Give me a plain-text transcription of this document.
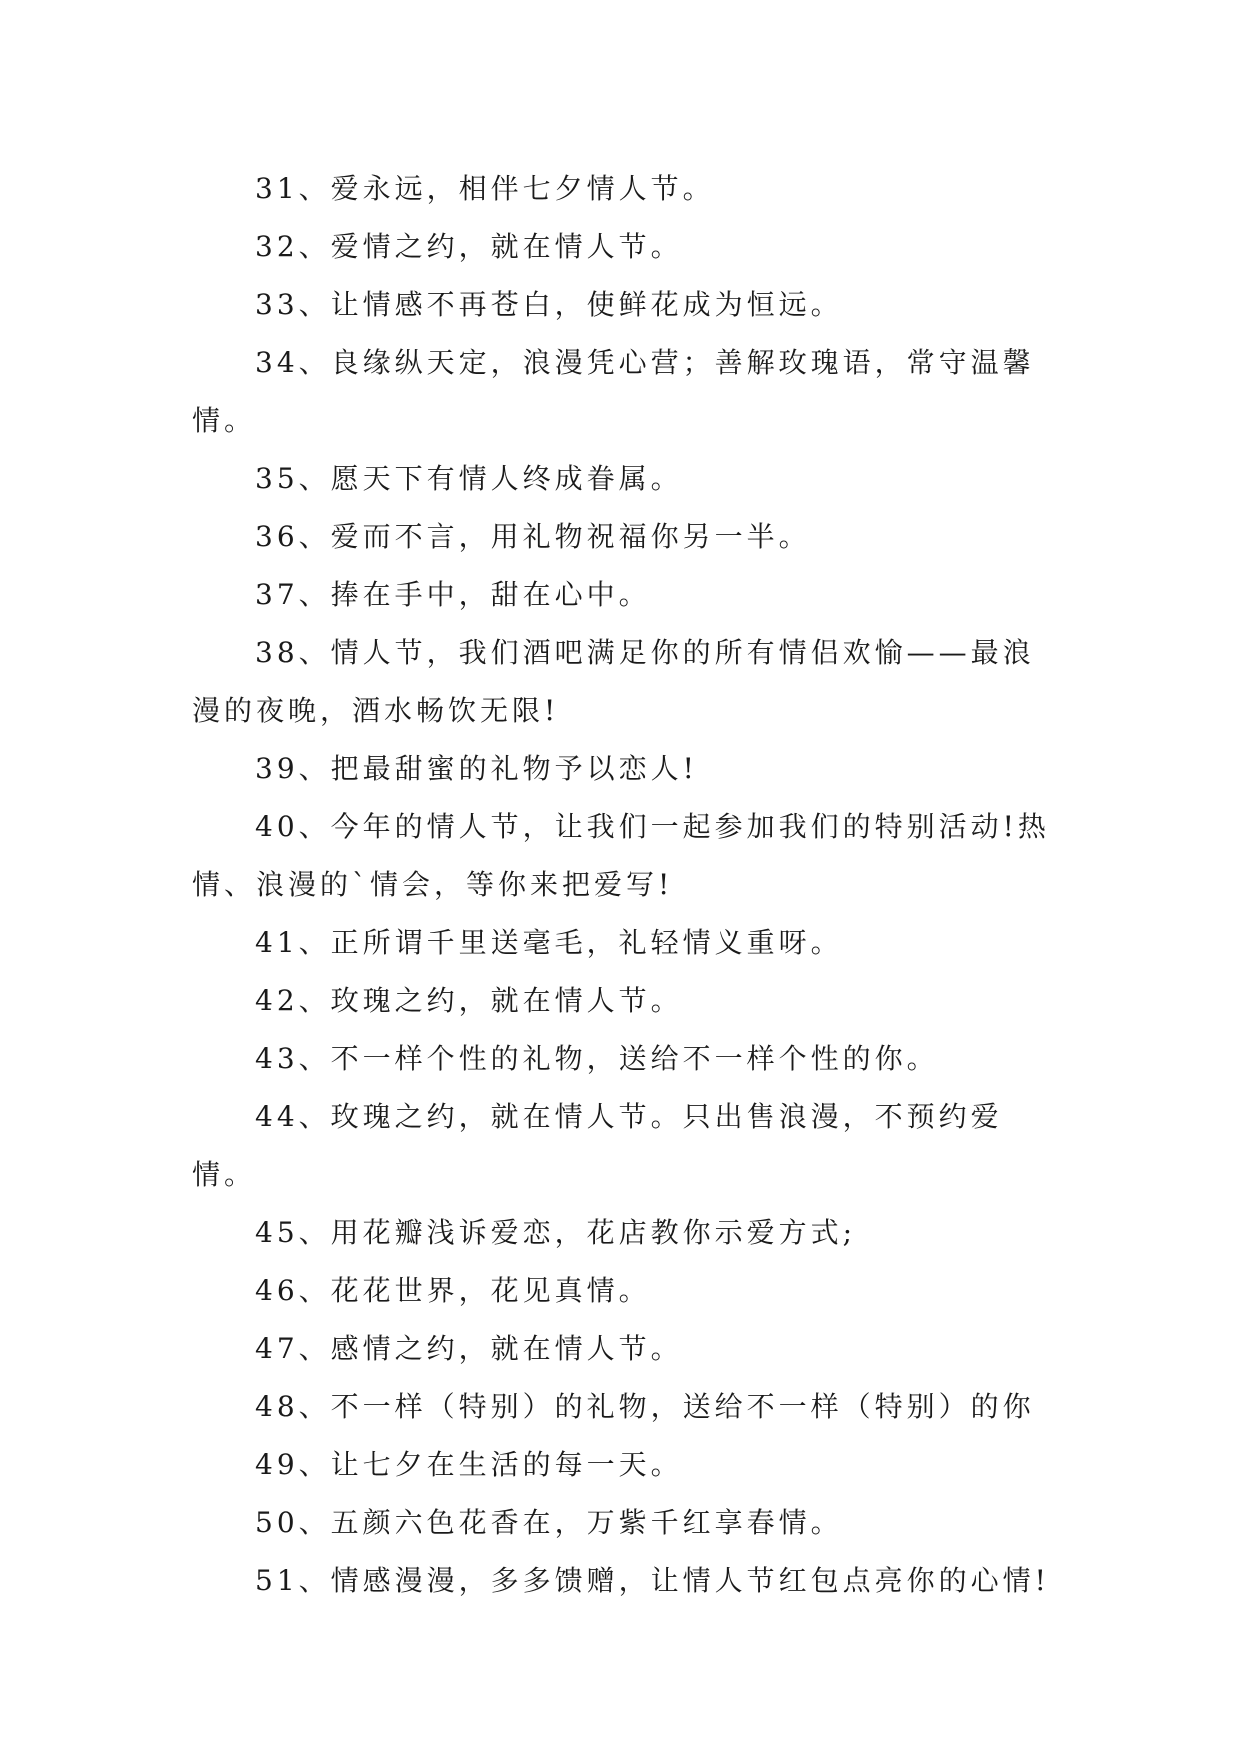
31、爱永远，相伴七夕情人节。

32、爱情之约，就在情人节。

33、让情感不再苍白，使鲜花成为恒远。

34、良缘纵天定，浪漫凭心营；善解玫瑰语，常守温馨情。

35、愿天下有情人终成眷属。

36、爱而不言，用礼物祝福你另一半。

37、捧在手中，甜在心中。

38、情人节，我们酒吧满足你的所有情侣欢愉——最浪漫的夜晚，酒水畅饮无限!

39、把最甜蜜的礼物予以恋人!

40、今年的情人节，让我们一起参加我们的特别活动!热情、浪漫的`情会，等你来把爱写!

41、正所谓千里送毫毛，礼轻情义重呀。

42、玫瑰之约，就在情人节。

43、不一样个性的礼物，送给不一样个性的你。

44、玫瑰之约，就在情人节。只出售浪漫，不预约爱情。

45、用花瓣浅诉爱恋，花店教你示爱方式;

46、花花世界，花见真情。

47、感情之约，就在情人节。

48、不一样（特别）的礼物，送给不一样（特别）的你

49、让七夕在生活的每一天。

50、五颜六色花香在，万紫千红享春情。

51、情感漫漫，多多馈赠，让情人节红包点亮你的心情!
